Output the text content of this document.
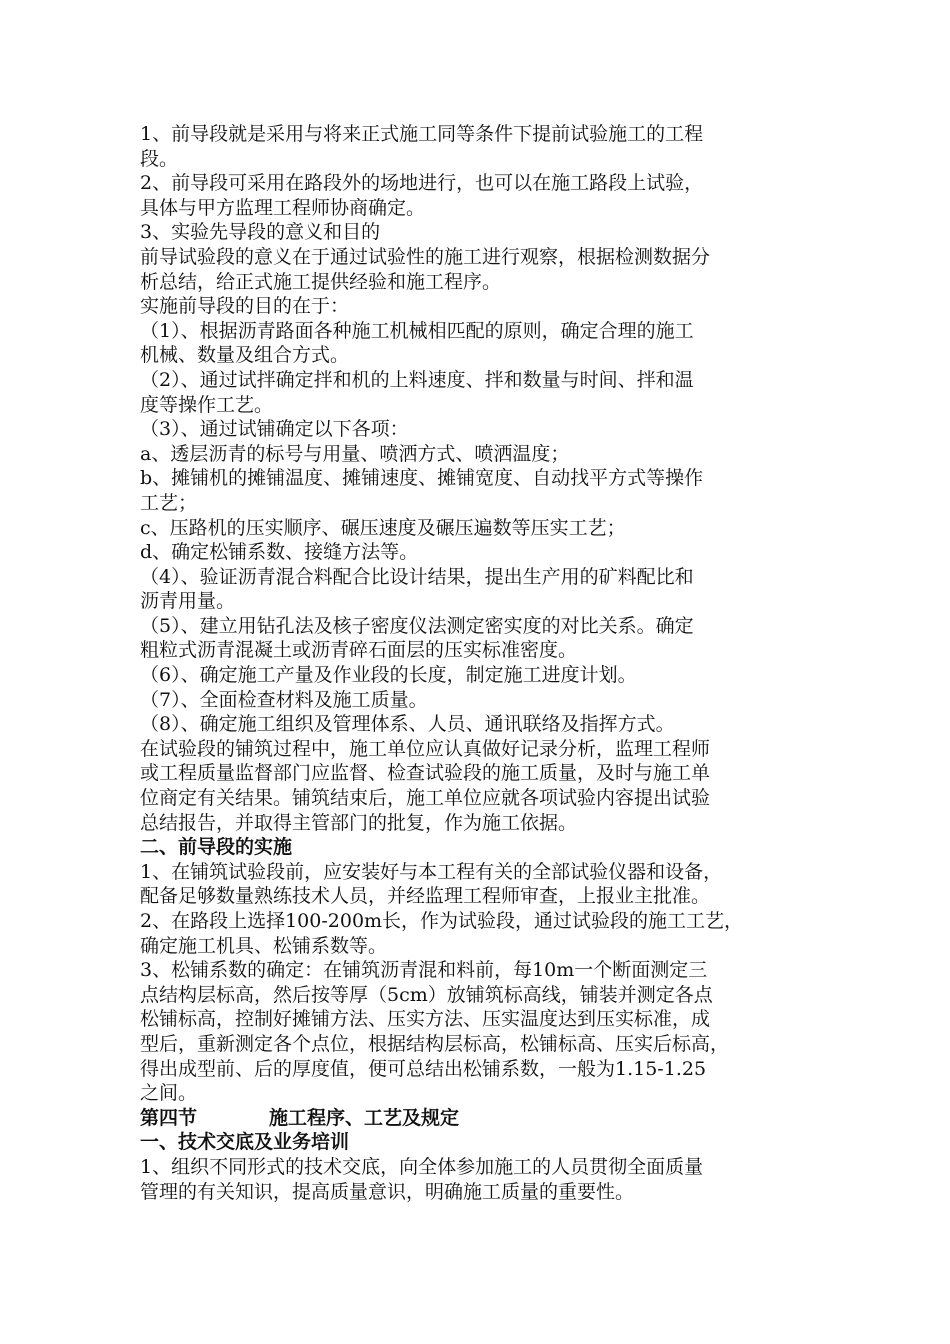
1、前导段就是采用与将来正式施工同等条件下提前试验施工的工程

段。

2、前导段可采用在路段外的场地进行，也可以在施工路段上试验，

具体与甲方监理工程师协商确定。

3、实验先导段的意义和目的

前导试验段的意义在于通过试验性的施工进行观察，根据检测数据分

析总结，给正式施工提供经验和施工程序。

实施前导段的目的在于：

（1）、根据沥青路面各种施工机械相匹配的原则，确定合理的施工

机械、数量及组合方式。

（2）、通过试拌确定拌和机的上料速度、拌和数量与时间、拌和温

度等操作工艺。

（3）、通过试铺确定以下各项：

a、透层沥青的标号与用量、喷洒方式、喷洒温度；

b、摊铺机的摊铺温度、摊铺速度、摊铺宽度、自动找平方式等操作

工艺；

c、压路机的压实顺序、碾压速度及碾压遍数等压实工艺；

d、确定松铺系数、接缝方法等。

（4）、验证沥青混合料配合比设计结果，提出生产用的矿料配比和

沥青用量。

（5）、建立用钻孔法及核子密度仪法测定密实度的对比关系。确定

粗粒式沥青混凝土或沥青碎石面层的压实标准密度。

（6）、确定施工产量及作业段的长度，制定施工进度计划。

（7）、全面检查材料及施工质量。

（8）、确定施工组织及管理体系、人员、通讯联络及指挥方式。

在试验段的铺筑过程中，施工单位应认真做好记录分析，监理工程师

或工程质量监督部门应监督、检查试验段的施工质量，及时与施工单

位商定有关结果。铺筑结束后，施工单位应就各项试验内容提出试验

总结报告，并取得主管部门的批复，作为施工依据。

二、前导段的实施

1、在铺筑试验段前，应安装好与本工程有关的全部试验仪器和设备，

配备足够数量熟练技术人员，并经监理工程师审查，上报业主批准。

2、在路段上选择100-200m长，作为试验段，通过试验段的施工工艺，

确定施工机具、松铺系数等。

3、松铺系数的确定：在铺筑沥青混和料前，每10m一个断面测定三

点结构层标高，然后按等厚（5cm）放铺筑标高线，铺装并测定各点

松铺标高，控制好摊铺方法、压实方法、压实温度达到压实标准，成

型后，重新测定各个点位，根据结构层标高，松铺标高、压实后标高，

得出成型前、后的厚度值，便可总结出松铺系数，一般为1.15-1.25

之间。

第四节	施工程序、工艺及规定

一、技术交底及业务培训

1、组织不同形式的技术交底，向全体参加施工的人员贯彻全面质量

管理的有关知识，提高质量意识，明确施工质量的重要性。
